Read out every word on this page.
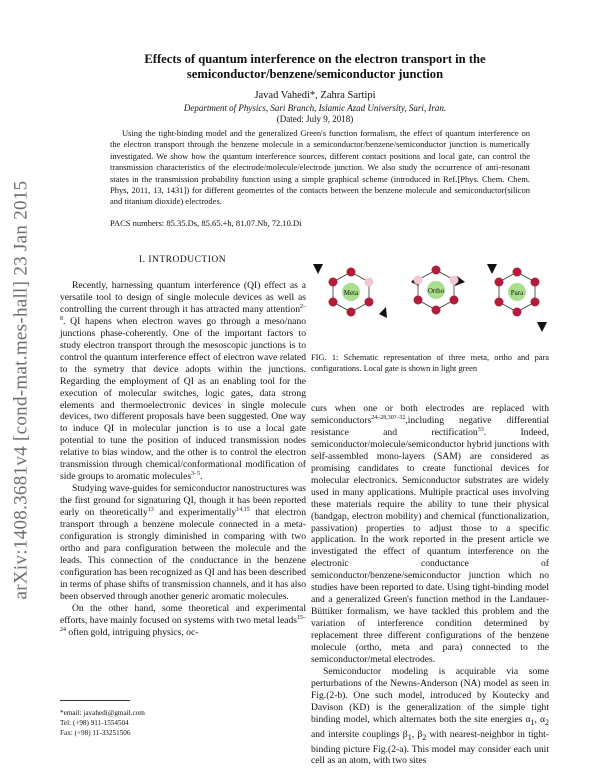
arXiv:1408.3681v4 [cond-mat.mes-hall] 23 Jan 2015
Effects of quantum interference on the electron transport in the semiconductor/benzene/semiconductor junction
Javad Vahedi*, Zahra Sartipi
Department of Physics, Sari Branch, Islamic Azad University, Sari, Iran.
(Dated: July 9, 2018)
Using the tight-binding model and the generalized Green's function formalism, the effect of quantum interference on the electron transport through the benzene molecule in a semiconductor/benzene/semiconductor junction is numerically investigated. We show how the quantum interference sources, different contact positions and local gate, can control the transmission characteristics of the electrode/molecule/electrode junction. We also study the occurrence of anti-resonant states in the transmission probability function using a simple graphical scheme (introduced in Ref.[Phys. Chem. Chem. Phys, 2011, 13, 1431]) for different geometries of the contacts between the benzene molecule and semiconductor(silicon and titanium dioxide) electrodes.
PACS numbers: 85.35.Ds, 85.65.+h, 81.07.Nb, 72.10.Di
I. INTRODUCTION

Recently, harnessing quantum interference (QI) effect as a versatile tool to design of single molecule devices as well as controlling the current through it has attracted many attention$^{2-8}$. QI hapens when electron waves go through a meso/nano junctions phase-coherently. One of the important factors to study electron transport through the mesoscopic junctions is to control the quantum interference effect of electron wave related to the symetry that device adopts within the junctions. Regarding the employment of QI as an enabling tool for the execution of molecular switches, logic gates, data strong elements and thermoelectronic devices in single molecule devices, two different proposals have been suggested. One way to induce QI in molecular junction is to use a local gate potential to tune the position of induced transmission nodes relative to bias window, and the other is to control the electron transmission through chemical/conformational modification of side groups to aromatic molecules$^{3-5}$.

Studying wave-guides for semiconductor nanostructures was the first ground for signaturing QI, though it has been reported early on theoretically$^{13}$ and experimentally$^{14,15}$ that electron transport through a benzene molecule connected in a meta-configuration is strongly diminished in comparing with two ortho and para configuration between the molecule and the leads. This connection of the conductance in the benzene configuration has been recognized as QI and has been described in terms of phase shifts of transmission channels, and it has also been observed through another generic aromatic molecules.

On the other hand, some theoretical and experimental efforts, have mainly focused on systems with two metal leads$^{15-24}$ often gold, intriguing physics, oc-

*email: javahedi@gmail.com
Tel: (+98) 911-1554504
Fax: (+98) 11-33251506
Meta	Ortho	Para
FIG. 1: Schematic representation of three meta, ortho and para configurations. Local gate is shown in light green

curs when one or both electrodes are replaced with semiconductors$^{24-28,30?-32}$,including negative differential resistance and rectification$^{33}$. Indeed, semiconductor/molecule/semiconductor hybrid junctions with self-assembled mono-layers (SAM) are considered as promising candidates to create functional devices for molecular electronics. Semiconductor substrates are widely used in many applications. Multiple practical uses involving these materials require the ability to tune their physical (bandgap, electron mobility) and chemical (functionalization, passivation) properties to adjust those to a specific application. In the work reported in the present article we investigated the effect of quantum interference on the electronic conductance of semiconductor/benzene/semiconductor junction which no studies have been reported to date. Using tight-binding model and a generalized Green's function method in the Landauer-Büttiker formalism, we have tackled this problem and the variation of interference condition determined by replacement three different configurations of the benzene molecule (ortho, meta and para) connected to the semiconductor/metal electrodes.

Semiconductor modeling is acquirable via some perturbations of the Newns-Anderson (NA) model as seen in Fig.(2-b). One such model, introduced by Koutecky and Davison (KD) is the generalization of the simple tight binding model, which alternates both the site energies $\alpha_1$, $\alpha_2$ and intersite couplings $\beta_1$, $\beta_2$ with nearest-neighbor in tight-binding picture Fig.(2-a). This model may consider each unit cell as an atom, with two sites
